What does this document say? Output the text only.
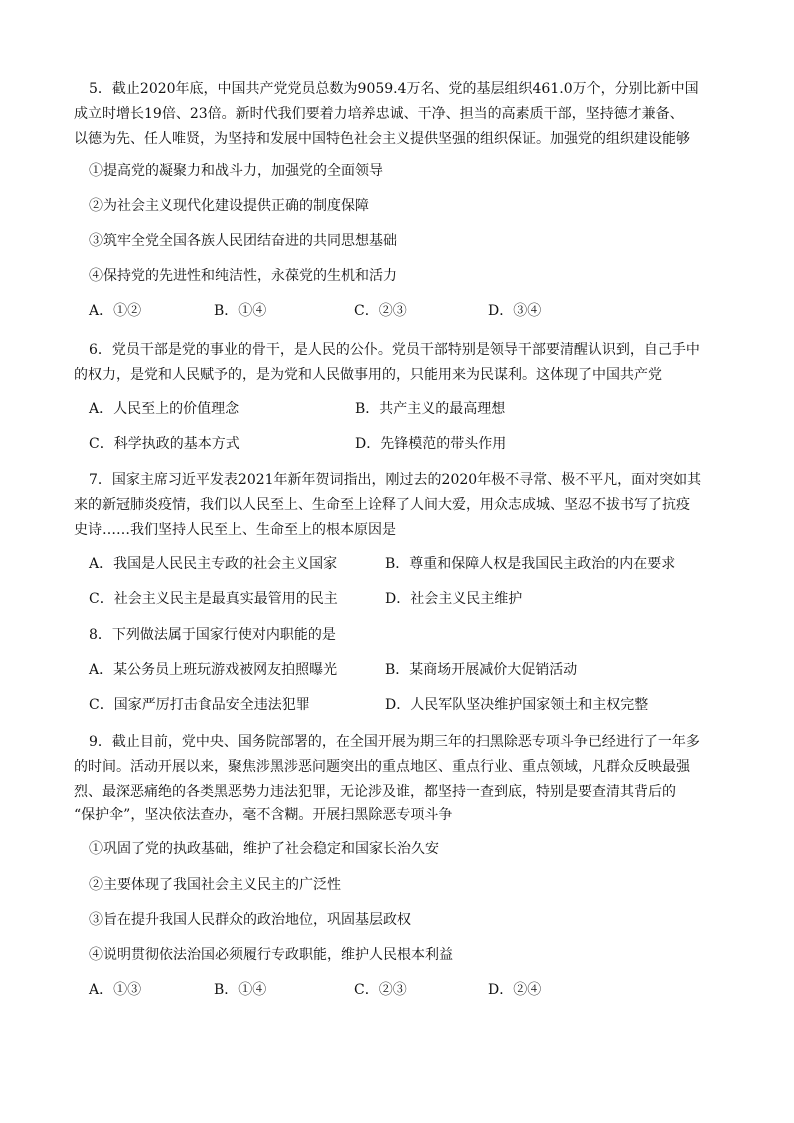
5．截止2020年底，中国共产党党员总数为9059.4万名、党的基层组织461.0万个，分别比新中国
成立时增长19倍、23倍。新时代我们要着力培养忠诚、干净、担当的高素质干部，坚持德才兼备、
以德为先、任人唯贤，为坚持和发展中国特色社会主义提供坚强的组织保证。加强党的组织建设能够
①提高党的凝聚力和战斗力，加强党的全面领导
②为社会主义现代化建设提供正确的制度保障
③筑牢全党全国各族人民团结奋进的共同思想基础
④保持党的先进性和纯洁性，永葆党的生机和活力
A．①②	B．①④	C．②③	D．③④
6．党员干部是党的事业的骨干，是人民的公仆。党员干部特别是领导干部要清醒认识到，自己手中
的权力，是党和人民赋予的，是为党和人民做事用的，只能用来为民谋利。这体现了中国共产党
A．人民至上的价值理念	B．共产主义的最高理想
C．科学执政的基本方式	D．先锋模范的带头作用
7．国家主席习近平发表2021年新年贺词指出，刚过去的2020年极不寻常、极不平凡，面对突如其
来的新冠肺炎疫情，我们以人民至上、生命至上诠释了人间大爱，用众志成城、坚忍不拔书写了抗疫
史诗……我们坚持人民至上、生命至上的根本原因是
A．我国是人民民主专政的社会主义国家	B．尊重和保障人权是我国民主政治的内在要求
C．社会主义民主是最真实最管用的民主	D．社会主义民主维护
8．下列做法属于国家行使对内职能的是
A．某公务员上班玩游戏被网友拍照曝光	B．某商场开展减价大促销活动
C．国家严厉打击食品安全违法犯罪	D．人民军队坚决维护国家领土和主权完整
9．截止目前，党中央、国务院部署的，在全国开展为期三年的扫黑除恶专项斗争已经进行了一年多
的时间。活动开展以来，聚焦涉黑涉恶问题突出的重点地区、重点行业、重点领域，凡群众反映最强
烈、最深恶痛绝的各类黑恶势力违法犯罪，无论涉及谁，都坚持一查到底，特别是要查清其背后的
“保护伞”，坚决依法查办，毫不含糊。开展扫黑除恶专项斗争
①巩固了党的执政基础，维护了社会稳定和国家长治久安
②主要体现了我国社会主义民主的广泛性
③旨在提升我国人民群众的政治地位，巩固基层政权
④说明贯彻依法治国必须履行专政职能，维护人民根本利益
A．①③	B．①④	C．②③	D．②④
